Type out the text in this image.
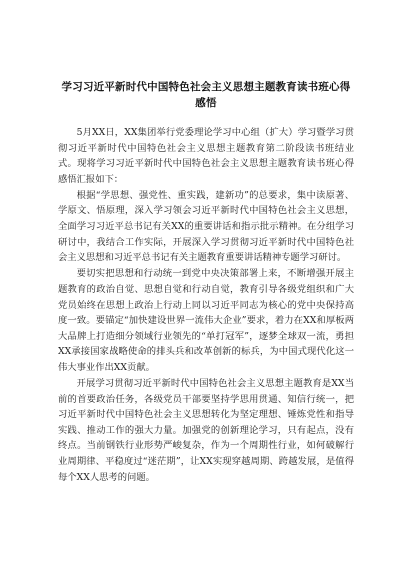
学习习近平新时代中国特色社会主义思想主题教育读书班心得感悟

5月XX日，XX集团举行党委理论学习中心组（扩大）学习暨学习贯彻习近平新时代中国特色社会主义思想主题教育第二阶段读书班结业式。现将学习习近平新时代中国特色社会主义思想主题教育读书班心得感悟汇报如下：

根据“学思想、强党性、重实践，建新功”的总要求，集中读原著、学原文、悟原理，深入学习领会习近平新时代中国特色社会主义思想，全面学习习近平总书记有关XX的重要讲话和指示批示精神。在分组学习研讨中，我结合工作实际，开展深入学习贯彻习近平新时代中国特色社会主义思想和习近平总书记有关主题教育重要讲话精神专题学习研讨。

要切实把思想和行动统一到党中央决策部署上来，不断增强开展主题教育的政治自觉、思想自觉和行动自觉，教育引导各级党组织和广大党员始终在思想上政治上行动上同以习近平同志为核心的党中央保持高度一致。要锚定“加快建设世界一流伟大企业”要求，着力在XX和厚板两大品牌上打造细分领域行业领先的“单打冠军”，逐梦全球双一流，勇担XX承接国家战略使命的排头兵和改革创新的标兵，为中国式现代化这一伟大事业作出XX贡献。

开展学习贯彻习近平新时代中国特色社会主义思想主题教育是XX当前的首要政治任务，各级党员干部要坚持学思用贯通、知信行统一，把习近平新时代中国特色社会主义思想转化为坚定理想、锤炼党性和指导实践、推动工作的强大力量。加强党的创新理论学习，只有起点，没有终点。当前钢铁行业形势严峻复杂，作为一个周期性行业，如何破解行业周期律、平稳度过“迷茫期”，让XX实现穿越周期、跨越发展，是值得每个XX人思考的问题。
